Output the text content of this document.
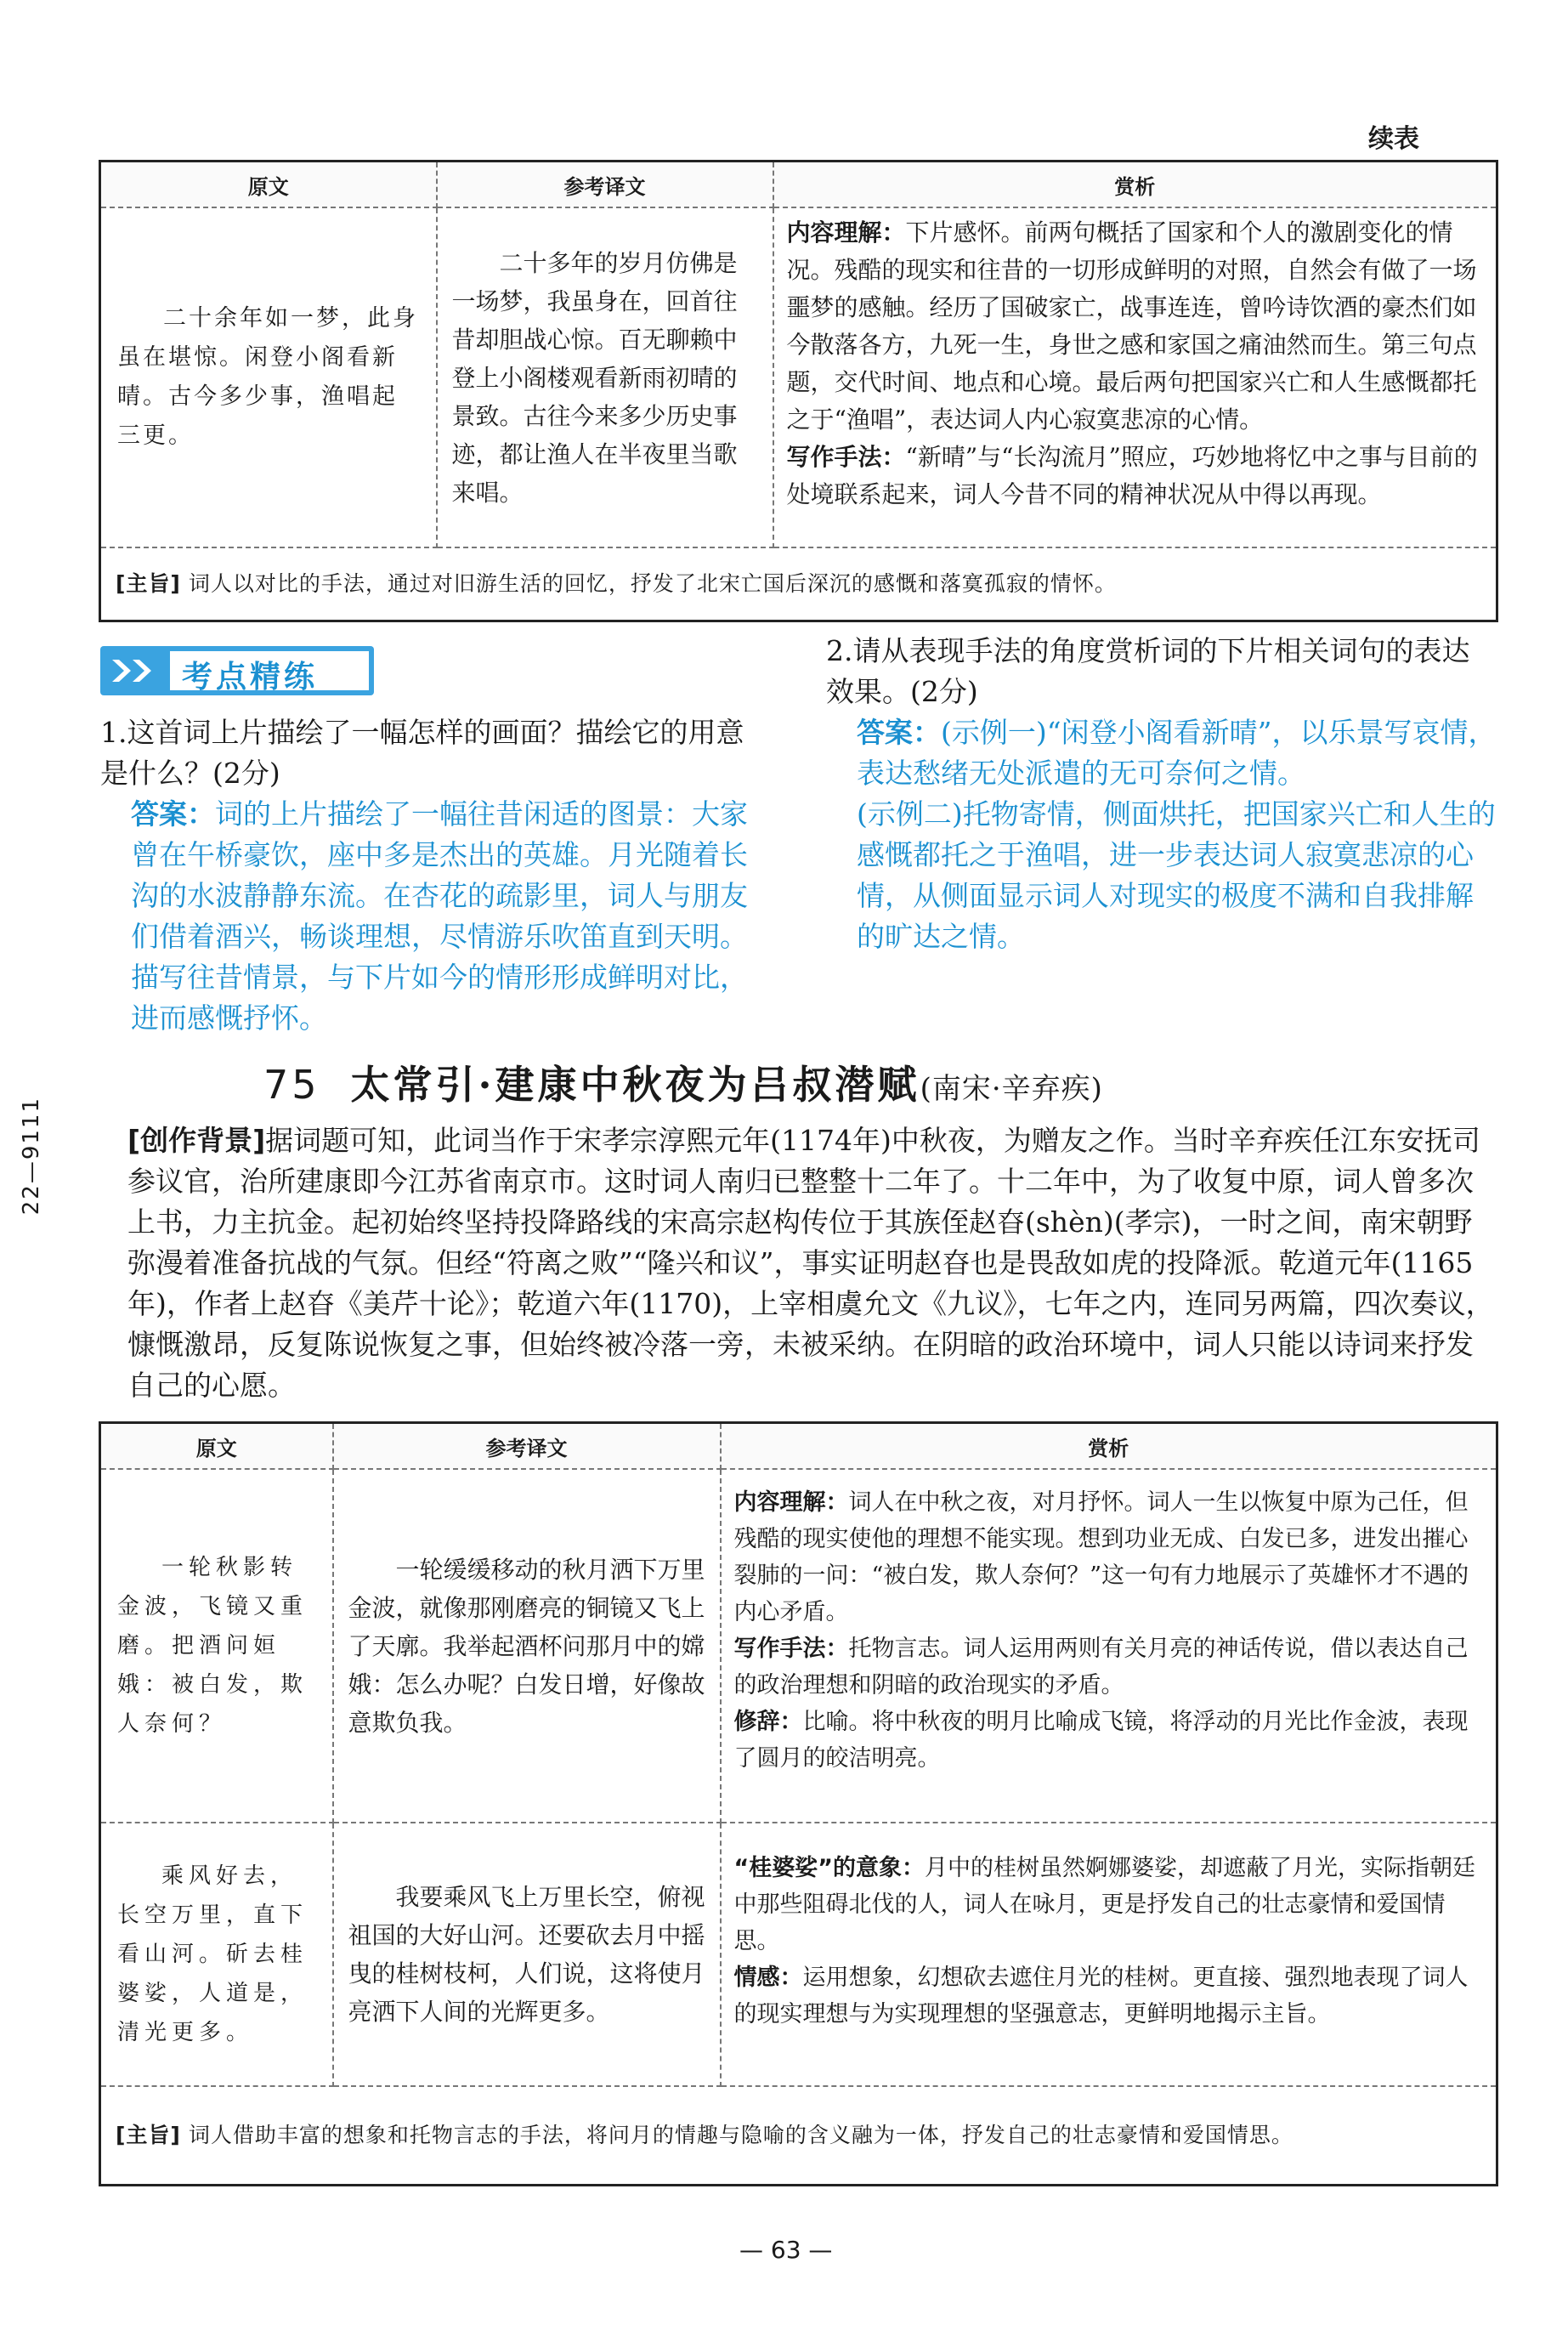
续表
原文	参考译文	赏析

二十余年如一梦，此身虽在堪惊。闲登小阁看新晴。古今多少事，渔唱起三更。	二十多年的岁月仿佛是一场梦，我虽身在，回首往昔却胆战心惊。百无聊赖中登上小阁楼观看新雨初晴的景致。古往今来多少历史事迹，都让渔人在半夜里当歌来唱。	内容理解：下片感怀。前两句概括了国家和个人的激剧变化的情况。残酷的现实和往昔的一切形成鲜明的对照，自然会有做了一场噩梦的感触。经历了国破家亡，战事连连，曾吟诗饮酒的豪杰们如今散落各方，九死一生，身世之感和家国之痛油然而生。第三句点题，交代时间、地点和心境。最后两句把国家兴亡和人生感慨都托之于“渔唱”，表达词人内心寂寞悲凉的心情。
写作手法：“新晴”与“长沟流月”照应，巧妙地将忆中之事与目前的处境联系起来，词人今昔不同的精神状况从中得以再现。

[主旨] 词人以对比的手法，通过对旧游生活的回忆，抒发了北宋亡国后深沉的感慨和落寞孤寂的情怀。		
考点精练
1.这首词上片描绘了一幅怎样的画面？描绘它的用意是什么？(2分)
答案：词的上片描绘了一幅往昔闲适的图景：大家曾在午桥豪饮，座中多是杰出的英雄。月光随着长沟的水波静静东流。在杏花的疏影里，词人与朋友们借着酒兴，畅谈理想，尽情游乐吹笛直到天明。描写往昔情景，与下片如今的情形形成鲜明对比，进而感慨抒怀。
2.请从表现手法的角度赏析词的下片相关词句的表达效果。(2分)
答案：(示例一)“闲登小阁看新晴”，以乐景写哀情，表达愁绪无处派遣的无可奈何之情。
(示例二)托物寄情，侧面烘托，把国家兴亡和人生的感慨都托之于渔唱，进一步表达词人寂寞悲凉的心情，从侧面显示词人对现实的极度不满和自我排解的旷达之情。
75 太常引·建康中秋夜为吕叔潜赋(南宋·辛弃疾)
[创作背景]据词题可知，此词当作于宋孝宗淳熙元年(1174年)中秋夜，为赠友之作。当时辛弃疾任江东安抚司参议官，治所建康即今江苏省南京市。这时词人南归已整整十二年了。十二年中，为了收复中原，词人曾多次上书，力主抗金。起初始终坚持投降路线的宋高宗赵构传位于其族侄赵昚(shèn)(孝宗)，一时之间，南宋朝野弥漫着准备抗战的气氛。但经“符离之败”“隆兴和议”，事实证明赵昚也是畏敌如虎的投降派。乾道元年(1165年)，作者上赵昚《美芹十论》；乾道六年(1170)，上宰相虞允文《九议》，七年之内，连同另两篇，四次奏议，慷慨激昂，反复陈说恢复之事，但始终被冷落一旁，未被采纳。在阴暗的政治环境中，词人只能以诗词来抒发自己的心愿。
原文	参考译文	赏析

一轮秋影转金波，飞镜又重磨。把酒问姮娥：被白发，欺人奈何？	一轮缓缓移动的秋月洒下万里金波，就像那刚磨亮的铜镜又飞上了天廓。我举起酒杯问那月中的嫦娥：怎么办呢？白发日增，好像故意欺负我。	内容理解：词人在中秋之夜，对月抒怀。词人一生以恢复中原为己任，但残酷的现实使他的理想不能实现。想到功业无成、白发已多，进发出摧心裂肺的一问：“被白发，欺人奈何？”这一句有力地展示了英雄怀才不遇的内心矛盾。
写作手法：托物言志。词人运用两则有关月亮的神话传说，借以表达自己的政治理想和阴暗的政治现实的矛盾。
修辞：比喻。将中秋夜的明月比喻成飞镜，将浮动的月光比作金波，表现了圆月的皎洁明亮。

乘风好去，长空万里，直下看山河。斫去桂婆娑，人道是，清光更多。	我要乘风飞上万里长空，俯视祖国的大好山河。还要砍去月中摇曳的桂树枝柯，人们说，这将使月亮洒下人间的光辉更多。	“桂婆娑”的意象：月中的桂树虽然婀娜婆娑，却遮蔽了月光，实际指朝廷中那些阻碍北伐的人，词人在咏月，更是抒发自己的壮志豪情和爱国情思。
情感：运用想象，幻想砍去遮住月光的桂树。更直接、强烈地表现了词人的现实理想与为实现理想的坚强意志，更鲜明地揭示主旨。

[主旨] 词人借助丰富的想象和托物言志的手法，将问月的情趣与隐喻的含义融为一体，抒发自己的壮志豪情和爱国情思。		
22—9111
— 63 —
